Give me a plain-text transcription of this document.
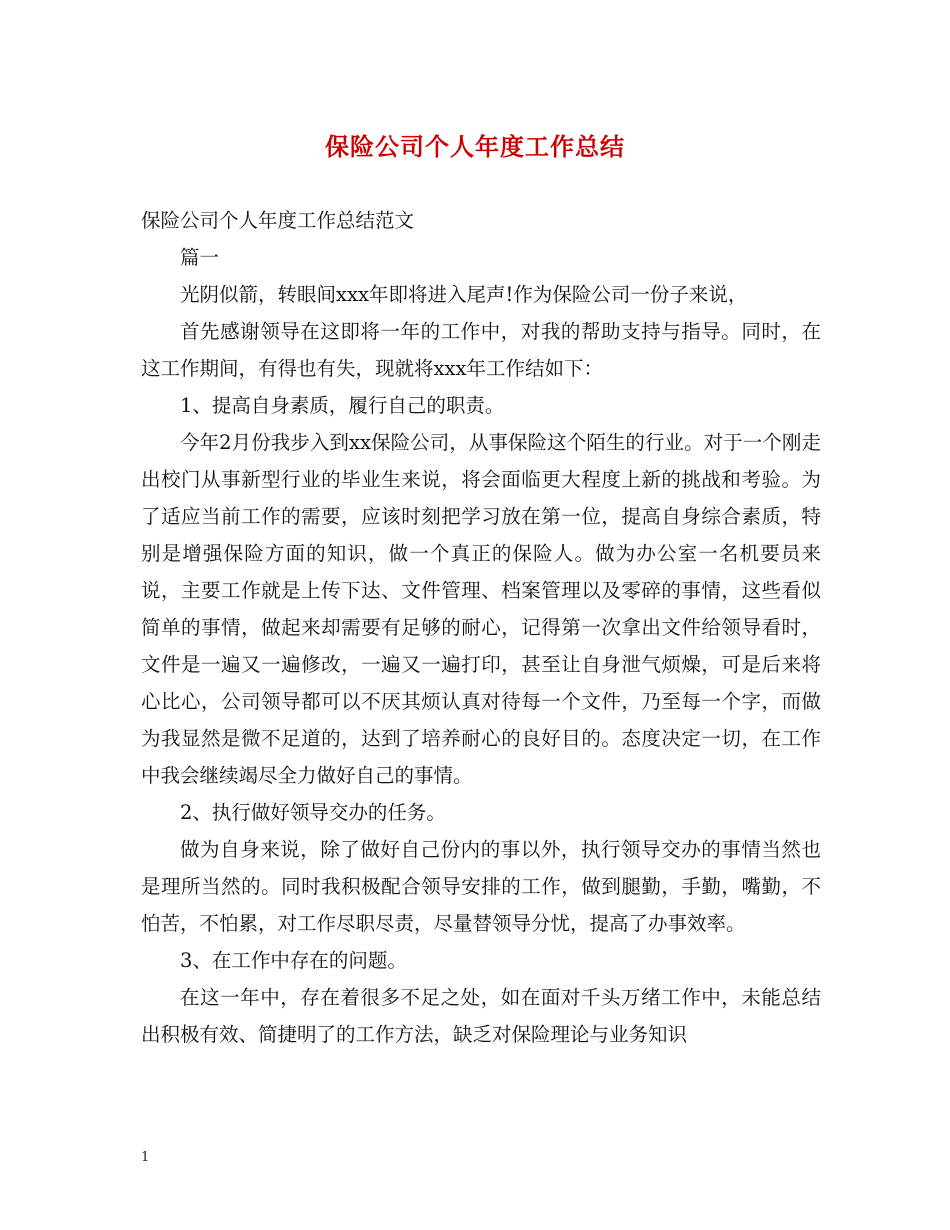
保险公司个人年度工作总结

保险公司个人年度工作总结范文

篇一

光阴似箭，转眼间xxx年即将进入尾声!作为保险公司一份子来说，

首先感谢领导在这即将一年的工作中，对我的帮助支持与指导。同时，在这工作期间，有得也有失，现就将xxx年工作结如下：

1、提高自身素质，履行自己的职责。

今年2月份我步入到xx保险公司，从事保险这个陌生的行业。对于一个刚走出校门从事新型行业的毕业生来说，将会面临更大程度上新的挑战和考验。为了适应当前工作的需要，应该时刻把学习放在第一位，提高自身综合素质，特别是增强保险方面的知识，做一个真正的保险人。做为办公室一名机要员来说，主要工作就是上传下达、文件管理、档案管理以及零碎的事情，这些看似简单的事情，做起来却需要有足够的耐心，记得第一次拿出文件给领导看时，文件是一遍又一遍修改，一遍又一遍打印，甚至让自身泄气烦燥，可是后来将心比心，公司领导都可以不厌其烦认真对待每一个文件，乃至每一个字，而做为我显然是微不足道的，达到了培养耐心的良好目的。态度决定一切，在工作中我会继续竭尽全力做好自己的事情。

2、执行做好领导交办的任务。

做为自身来说，除了做好自己份内的事以外，执行领导交办的事情当然也是理所当然的。同时我积极配合领导安排的工作，做到腿勤，手勤，嘴勤，不怕苦，不怕累，对工作尽职尽责，尽量替领导分忧，提高了办事效率。

3、在工作中存在的问题。

在这一年中，存在着很多不足之处，如在面对千头万绪工作中，未能总结出积极有效、简捷明了的工作方法，缺乏对保险理论与业务知识

1
